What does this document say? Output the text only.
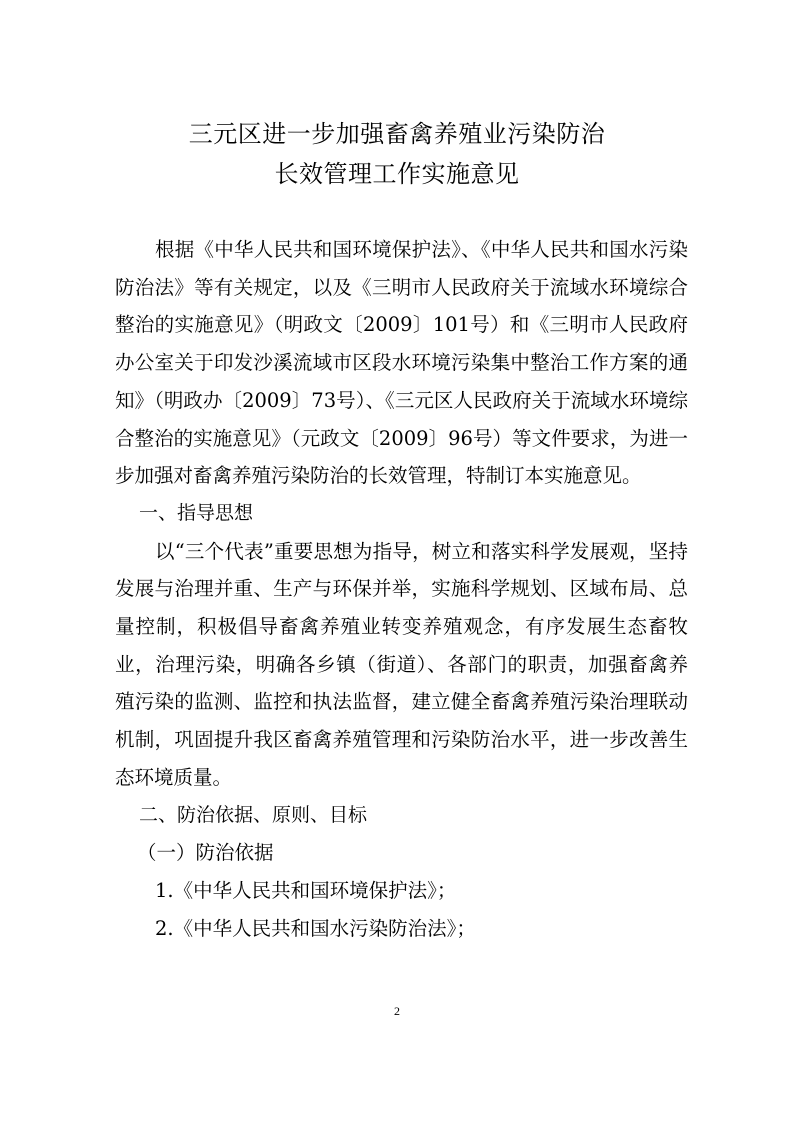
三元区进一步加强畜禽养殖业污染防治
长效管理工作实施意见

根据《中华人民共和国环境保护法》、《中华人民共和国水污染防治法》等有关规定，以及《三明市人民政府关于流域水环境综合整治的实施意见》（明政文〔2009〕101号）和《三明市人民政府办公室关于印发沙溪流域市区段水环境污染集中整治工作方案的通知》（明政办〔2009〕73号）、《三元区人民政府关于流域水环境综合整治的实施意见》（元政文〔2009〕96号）等文件要求，为进一步加强对畜禽养殖污染防治的长效管理，特制订本实施意见。

一、指导思想

以“三个代表”重要思想为指导，树立和落实科学发展观，坚持发展与治理并重、生产与环保并举，实施科学规划、区域布局、总量控制，积极倡导畜禽养殖业转变养殖观念，有序发展生态畜牧业，治理污染，明确各乡镇（街道）、各部门的职责，加强畜禽养殖污染的监测、监控和执法监督，建立健全畜禽养殖污染治理联动机制，巩固提升我区畜禽养殖管理和污染防治水平，进一步改善生态环境质量。

二、防治依据、原则、目标

（一）防治依据

1.《中华人民共和国环境保护法》；

2.《中华人民共和国水污染防治法》；

2
